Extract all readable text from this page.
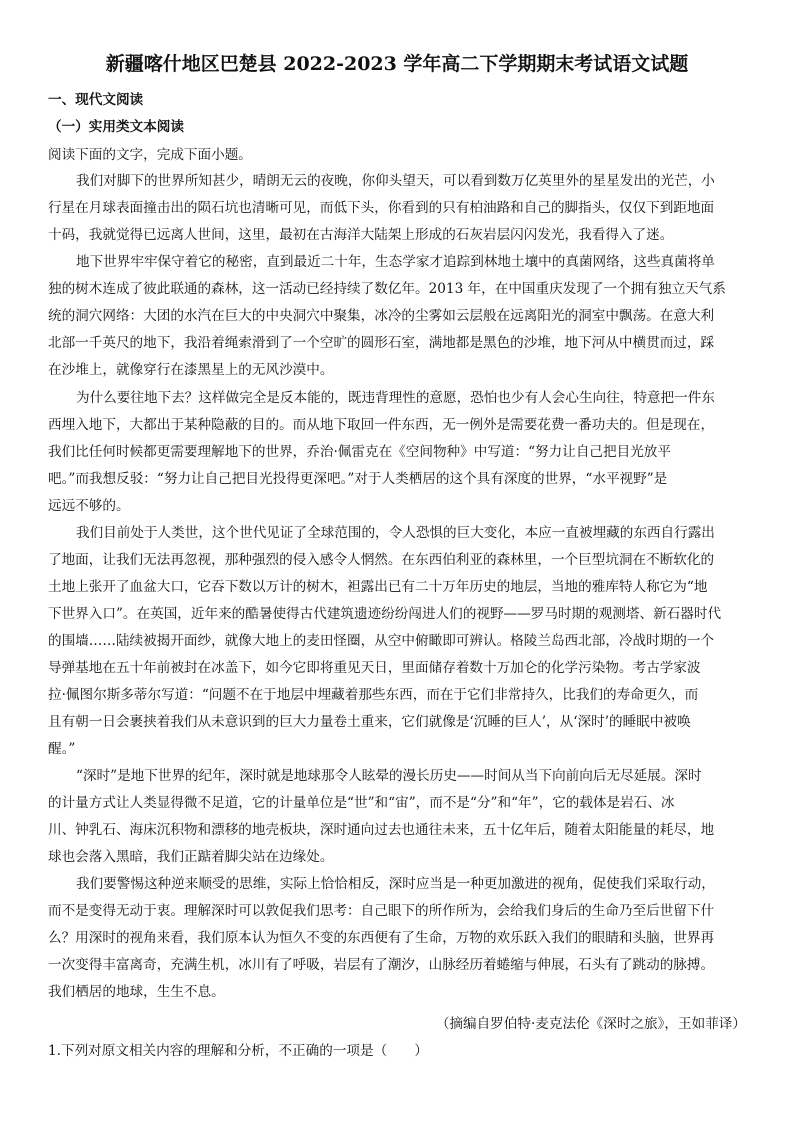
新疆喀什地区巴楚县 2022-2023 学年高二下学期期末考试语文试题
一、现代文阅读
（一）实用类文本阅读
阅读下面的文字，完成下面小题。
我们对脚下的世界所知甚少，晴朗无云的夜晚，你仰头望天，可以看到数万亿英里外的星星发出的光芒，小
行星在月球表面撞击出的陨石坑也清晰可见，而低下头，你看到的只有柏油路和自己的脚指头，仅仅下到距地面
十码，我就觉得已远离人世间，这里，最初在古海洋大陆架上形成的石灰岩层闪闪发光，我看得入了迷。
地下世界牢牢保守着它的秘密，直到最近二十年，生态学家才追踪到林地土壤中的真菌网络，这些真菌将单
独的树木连成了彼此联通的森林，这一活动已经持续了数亿年。2013 年，在中国重庆发现了一个拥有独立天气系
统的洞穴网络：大团的水汽在巨大的中央洞穴中聚集，冰冷的尘雾如云层般在远离阳光的洞室中飘荡。在意大利
北部一千英尺的地下，我沿着绳索滑到了一个空旷的圆形石室，满地都是黑色的沙堆，地下河从中横贯而过，踩
在沙堆上，就像穿行在漆黑星上的无风沙漠中。
为什么要往地下去？这样做完全是反本能的，既违背理性的意愿，恐怕也少有人会心生向往，特意把一件东
西埋入地下，大都出于某种隐蔽的目的。而从地下取回一件东西，无一例外是需要花费一番功夫的。但是现在，
我们比任何时候都更需要理解地下的世界，乔治·佩雷克在《空间物种》中写道：“努力让自己把目光放平
吧。”而我想反驳：“努力让自己把目光投得更深吧。”对于人类栖居的这个具有深度的世界，“水平视野”是
远远不够的。
我们目前处于人类世，这个世代见证了全球范围的，令人恐惧的巨大变化，本应一直被埋藏的东西自行露出
了地面，让我们无法再忽视，那种强烈的侵入感令人惘然。在东西伯利亚的森林里，一个巨型坑洞在不断软化的
土地上张开了血盆大口，它吞下数以万计的树木，袒露出已有二十万年历史的地层，当地的雅库特人称它为“地
下世界入口”。在英国，近年来的酷暑使得古代建筑遗迹纷纷闯进人们的视野——罗马时期的观测塔、新石器时代
的围墙……陆续被揭开面纱，就像大地上的麦田怪圈，从空中俯瞰即可辨认。格陵兰岛西北部，冷战时期的一个
导弹基地在五十年前被封在冰盖下，如今它即将重见天日，里面储存着数十万加仑的化学污染物。考古学家波
拉·佩图尔斯多蒂尔写道：“问题不在于地层中埋藏着那些东西，而在于它们非常持久，比我们的寿命更久，而
且有朝一日会裹挟着我们从未意识到的巨大力量卷土重来，它们就像是‘沉睡的巨人’，从‘深时’的睡眠中被唤
醒。”
“深时”是地下世界的纪年，深时就是地球那令人眩晕的漫长历史——时间从当下向前向后无尽延展。深时
的计量方式让人类显得微不足道，它的计量单位是“世”和“宙”，而不是“分”和“年”，它的载体是岩石、冰
川、钟乳石、海床沉积物和漂移的地壳板块，深时通向过去也通往未来，五十亿年后，随着太阳能量的耗尽，地
球也会落入黑暗，我们正踮着脚尖站在边缘处。
我们要警惕这种逆来顺受的思维，实际上恰恰相反，深时应当是一种更加激进的视角，促使我们采取行动，
而不是变得无动于衷。理解深时可以敦促我们思考：自己眼下的所作所为，会给我们身后的生命乃至后世留下什
么？用深时的视角来看，我们原本认为恒久不变的东西便有了生命，万物的欢乐跃入我们的眼睛和头脑，世界再
一次变得丰富离奇，充满生机，冰川有了呼吸，岩层有了潮汐，山脉经历着蜷缩与伸展，石头有了跳动的脉搏。
我们栖居的地球，生生不息。
（摘编自罗伯特·麦克法伦《深时之旅》，王如菲译）
1.下列对原文相关内容的理解和分析，不正确的一项是（　　）
